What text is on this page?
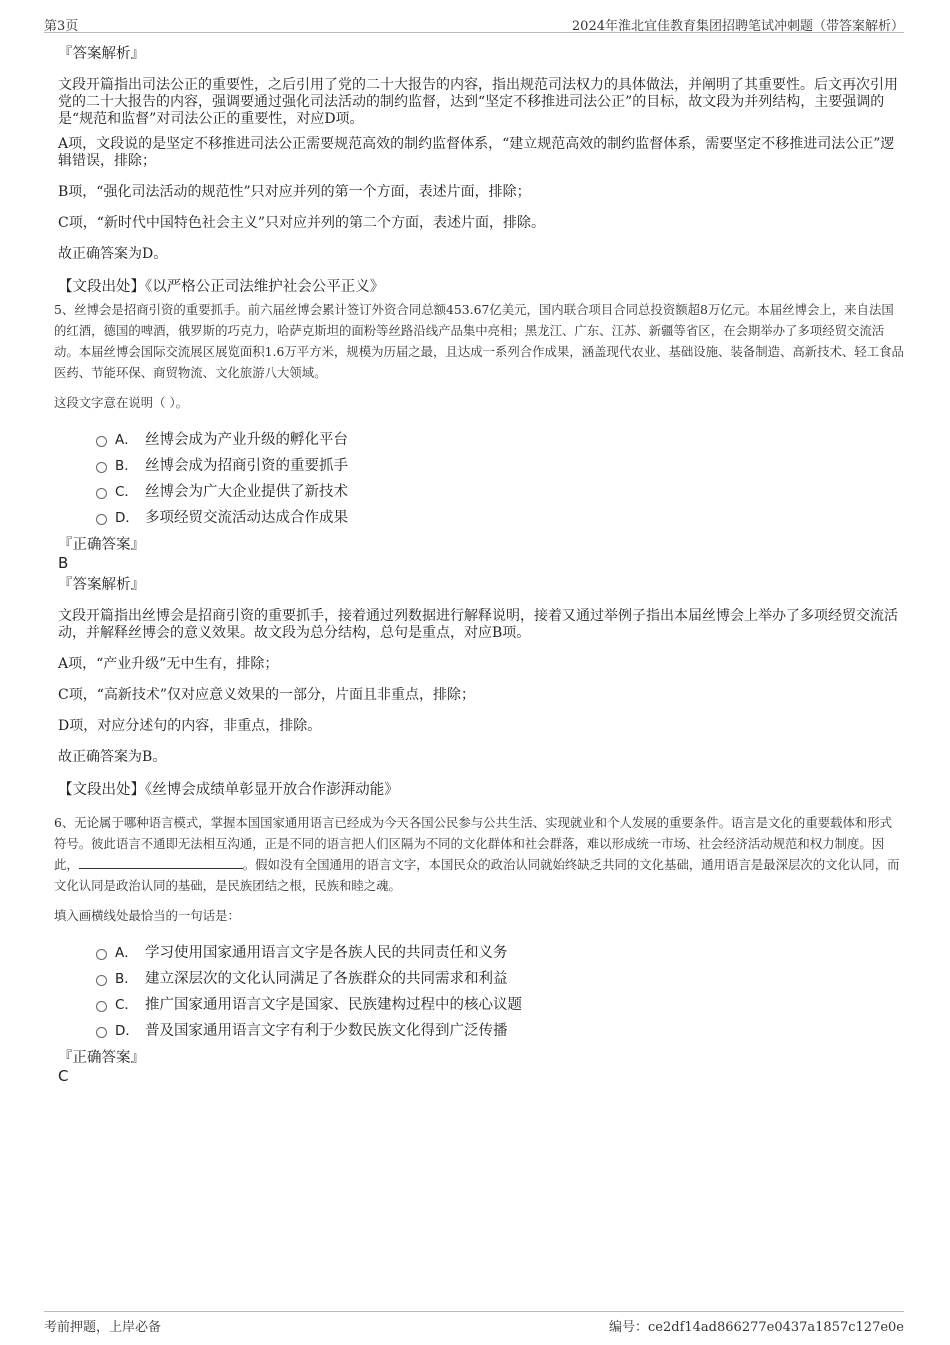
第3页	2024年淮北宜佳教育集团招聘笔试冲刺题（带答案解析）
『答案解析』
文段开篇指出司法公正的重要性，之后引用了党的二十大报告的内容，指出规范司法权力的具体做法，并阐明了其重要性。后文再次引用党的二十大报告的内容，强调要通过强化司法活动的制约监督，达到“坚定不移推进司法公正”的目标，故文段为并列结构，主要强调的是“规范和监督”对司法公正的重要性，对应D项。
A项，文段说的是坚定不移推进司法公正需要规范高效的制约监督体系，“建立规范高效的制约监督体系，需要坚定不移推进司法公正”逻辑错误，排除；
B项，“强化司法活动的规范性”只对应并列的第一个方面，表述片面，排除；
C项，“新时代中国特色社会主义”只对应并列的第二个方面，表述片面，排除。
故正确答案为D。
【文段出处】《以严格公正司法维护社会公平正义》
5、丝博会是招商引资的重要抓手。前六届丝博会累计签订外资合同总额453.67亿美元，国内联合项目合同总投资额超8万亿元。本届丝博会上，来自法国的红酒，德国的啤酒，俄罗斯的巧克力，哈萨克斯坦的面粉等丝路沿线产品集中亮相；黑龙江、广东、江苏、新疆等省区，在会期举办了多项经贸交流活动。本届丝博会国际交流展区展览面积1.6万平方米，规模为历届之最，且达成一系列合作成果，涵盖现代农业、基础设施、装备制造、高新技术、轻工食品医药、节能环保、商贸物流、文化旅游八大领域。
这段文字意在说明（ ）。
A． 丝博会成为产业升级的孵化平台
B． 丝博会成为招商引资的重要抓手
C． 丝博会为广大企业提供了新技术
D． 多项经贸交流活动达成合作成果
『正确答案』
B
『答案解析』
文段开篇指出丝博会是招商引资的重要抓手，接着通过列数据进行解释说明，接着又通过举例子指出本届丝博会上举办了多项经贸交流活动，并解释丝博会的意义效果。故文段为总分结构，总句是重点，对应B项。
A项，“产业升级”无中生有，排除；
C项，“高新技术”仅对应意义效果的一部分，片面且非重点，排除；
D项，对应分述句的内容，非重点，排除。
故正确答案为B。
【文段出处】《丝博会成绩单彰显开放合作澎湃动能》
6、无论属于哪种语言模式，掌握本国国家通用语言已经成为今天各国公民参与公共生活、实现就业和个人发展的重要条件。语言是文化的重要载体和形式符号。彼此语言不通即无法相互沟通，正是不同的语言把人们区隔为不同的文化群体和社会群落，难以形成统一市场、社会经济活动规范和权力制度。因此，	。假如没有全国通用的语言文字，本国民众的政治认同就始终缺乏共同的文化基础，通用语言是最深层次的文化认同，而文化认同是政治认同的基础，是民族团结之根，民族和睦之魂。
填入画横线处最恰当的一句话是：
A． 学习使用国家通用语言文字是各族人民的共同责任和义务
B． 建立深层次的文化认同满足了各族群众的共同需求和利益
C． 推广国家通用语言文字是国家、民族建构过程中的核心议题
D． 普及国家通用语言文字有利于少数民族文化得到广泛传播
『正确答案』
C
考前押题，上岸必备	编号：ce2df14ad866277e0437a1857c127e0e
